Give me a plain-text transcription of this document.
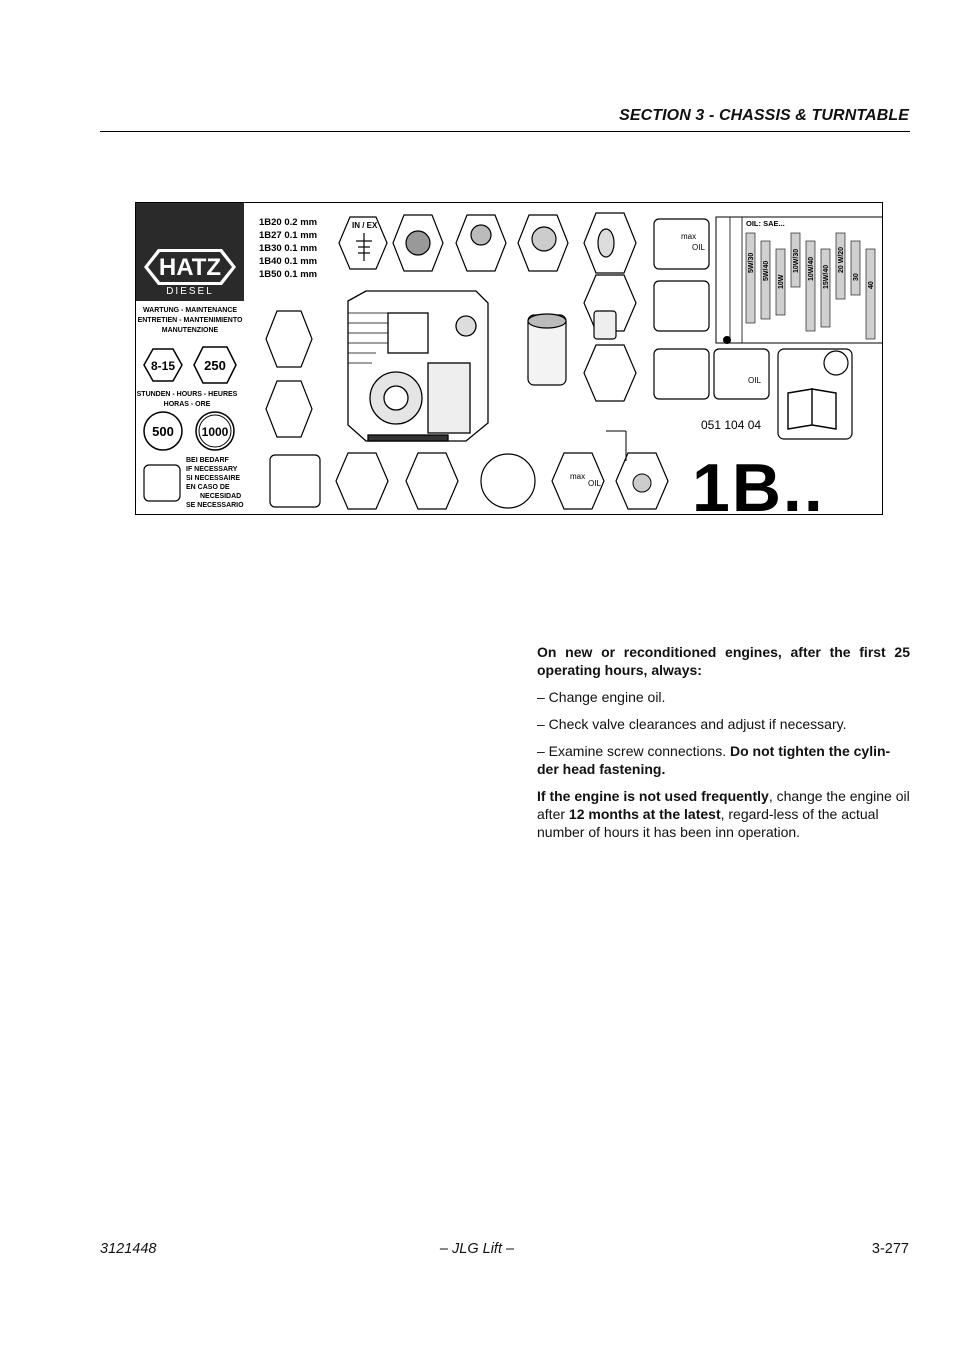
SECTION 3 - CHASSIS & TURNTABLE
HATZ
DIESEL
WARTUNG - MAINTENANCE
ENTRETIEN - MANTENIMIENTO
MANUTENZIONE
8-15 250
STUNDEN - HOURS - HEURES
HORAS - ORE
500 1000
BEI BEDARF
IF NECESSARY
SI NECESSAIRE
EN CASO DE
NECESIDAD
SE NECESSARIO
1B20 0.2 mm
1B27 0.1 mm
1B30 0.1 mm
1B40 0.1 mm
1B50 0.1 mm
IN / EX
max
OIL
OIL
OIL: SAE...
5W/30 5W/40
10W
10W/30 10W/40 15W/40
20 W/20
30
40
051 104 04
max
OIL 1B..

On new or reconditioned engines, after the first 25 operating hours, always:

– Change engine oil.

– Check valve clearances and adjust if necessary.

– Examine screw connections. Do not tighten the cylin-der head fastening.

If the engine is not used frequently, change the engine oil after 12 months at the latest, regard-less of the actual number of hours it has been inn operation.

3121448	– JLG Lift –	3-277
